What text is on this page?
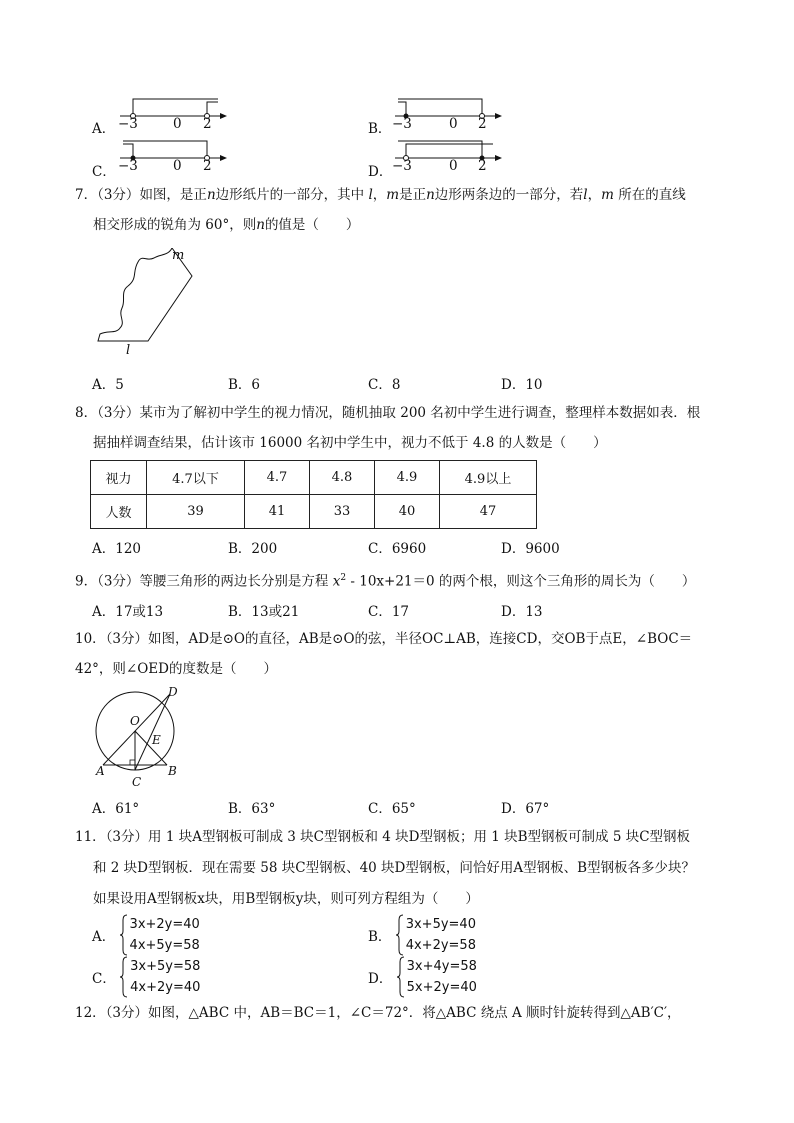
A． −3	0 2	B． −3	0 2
C． −3	0 2	D． −3	0 2
7．（3分）如图，是正n边形纸片的一部分，其中 l，m是正n边形两条边的一部分，若l，m 所在的直线
相交形成的锐角为 60°，则n的值是（　　）
m
l
A．5	B．6	C．8	D．10
8．（3分）某市为了解初中学生的视力情况，随机抽取 200 名初中学生进行调查，整理样本数据如表．根
据抽样调查结果，估计该市 16000 名初中学生中，视力不低于 4.8 的人数是（　　）
视力	4.7以下	4.7	4.8	4.9	4.9以上
人数	39	41	33	40	47
A．120	B．200	C．6960	D．9600
9．（3分）等腰三角形的两边长分别是方程 $x^2 - 10x+21=0$ 的两个根，则这个三角形的周长为（　　）
A．17或13	B．13或21	C．17	D．13
10．（3分）如图，AD是⊙O的直径，AB是⊙O的弦，半径OC⊥AB，连接CD，交OB于点E，∠BOC＝
42°，则∠OED的度数是（　　）
D
O
E
A	B
C
A．61°	B．63°	C．65°	D．67°
11．（3分）用 1 块A型钢板可制成 3 块C型钢板和 4 块D型钢板；用 1 块B型钢板可制成 5 块C型钢板
和 2 块D型钢板．现在需要 58 块C型钢板、40 块D型钢板，问恰好用A型钢板、B型钢板各多少块？
如果设用A型钢板x块，用B型钢板y块，则可列方程组为（　　）
A．
3x+2y=40
4x+5y=58
B．
3x+5y=40
4x+2y=58
C．
3x+5y=58
4x+2y=40
D．
3x+4y=58
5x+2y=40
12．（3分）如图，△ABC 中，AB＝BC＝1，∠C＝72°．将△ABC 绕点 A 顺时针旋转得到△AB′C′，
